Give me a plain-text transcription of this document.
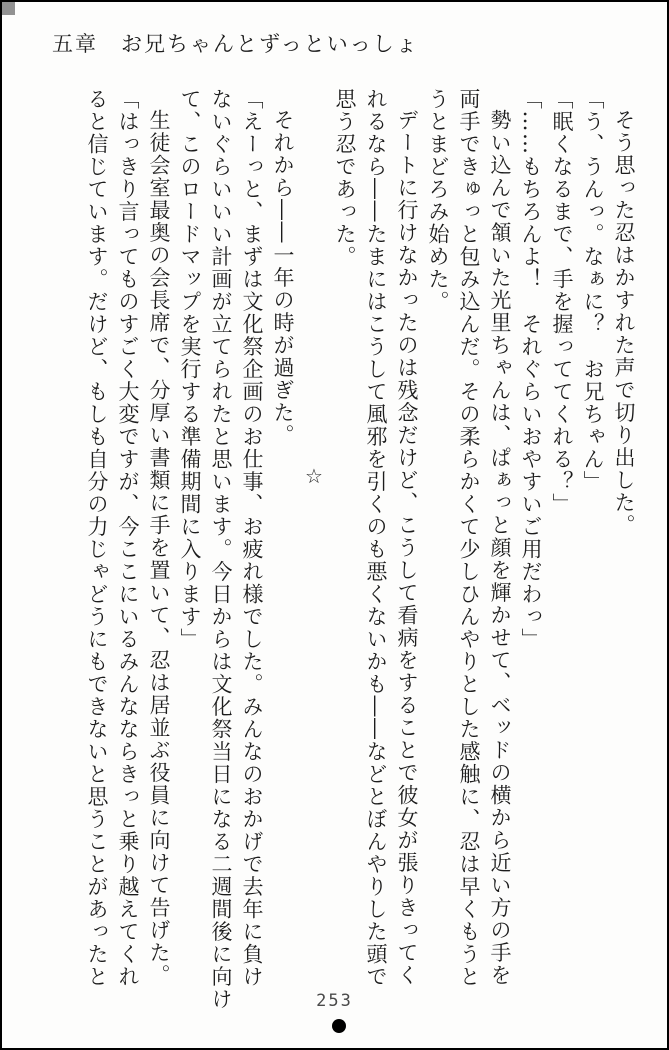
五章　お兄ちゃんとずっといっしょ
そう思った忍はかすれた声で切り出した。
「う、うんっ。なぁに？　お兄ちゃん」
「眠くなるまで、手を握っててくれる？」
「……もちろんよ！　それぐらいおやすいご用だわっ」
勢い込んで頷いた光里ちゃんは、ぱぁっと顔を輝かせて、ベッドの横から近い方の手を
両手できゅっと包み込んだ。その柔らかくて少しひんやりとした感触に、忍は早くもうと
うとまどろみ始めた。
デートに行けなかったのは残念だけど、こうして看病をすることで彼女が張りきってく
れるなら――たまにはこうして風邪を引くのも悪くないかも――などとぼんやりした頭で
思う忍であった。
☆
それから――一年の時が過ぎた。
「えーっと、まずは文化祭企画のお仕事、お疲れ様でした。みんなのおかげで去年に負け
ないぐらいいい計画が立てられたと思います。今日からは文化祭当日になる二週間後に向け
て、このロードマップを実行する準備期間に入ります」
生徒会室最奥の会長席で、分厚い書類に手を置いて、忍は居並ぶ役員に向けて告げた。
「はっきり言ってものすごく大変ですが、今ここにいるみんなならきっと乗り越えてくれ
ると信じています。だけど、もしも自分の力じゃどうにもできないと思うことがあったと
253
